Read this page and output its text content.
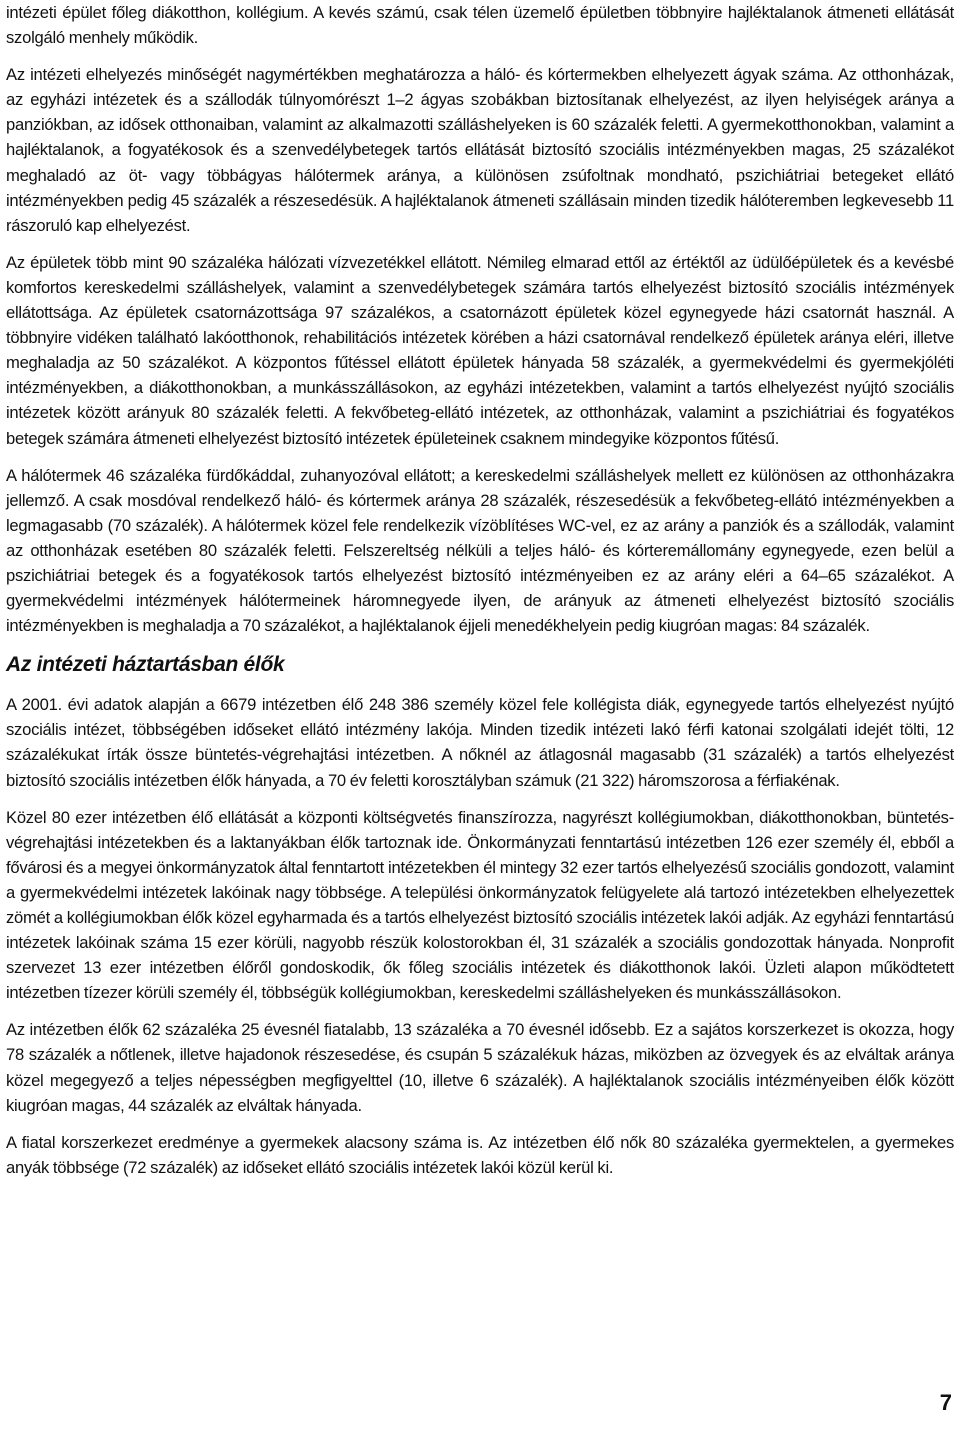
intézeti épület főleg diákotthon, kollégium. A kevés számú, csak télen üzemelő épületben többnyire hajléktalanok átmeneti ellátását szolgáló menhely működik.

Az intézeti elhelyezés minőségét nagymértékben meghatározza a háló- és kórtermekben elhelyezett ágyak száma. Az otthonházak, az egyházi intézetek és a szállodák túlnyomórészt 1–2 ágyas szobákban biztosítanak elhelyezést, az ilyen helyiségek aránya a panziókban, az idősek otthonaiban, valamint az alkalmazotti szálláshelyeken is 60 százalék feletti. A gyermekotthonokban, valamint a hajléktalanok, a fogyatékosok és a szenvedélybetegek tartós ellátását biztosító szociális intézményekben magas, 25 százalékot meghaladó az öt- vagy többágyas hálótermek aránya, a különösen zsúfoltnak mondható, pszichiátriai betegeket ellátó intézményekben pedig 45 százalék a részesedésük. A hajléktalanok átmeneti szállásain minden tizedik hálóteremben legkevesebb 11 rászoruló kap elhelyezést.

Az épületek több mint 90 százaléka hálózati vízvezetékkel ellátott. Némileg elmarad ettől az értéktől az üdülőépületek és a kevésbé komfortos kereskedelmi szálláshelyek, valamint a szenvedélybetegek számára tartós elhelyezést biztosító szociális intézmények ellátottsága. Az épületek csatornázottsága 97 százalékos, a csatornázott épületek közel egynegyede házi csatornát használ. A többnyire vidéken található lakóotthonok, rehabilitációs intézetek körében a házi csatornával rendelkező épületek aránya eléri, illetve meghaladja az 50 százalékot. A központos fűtéssel ellátott épületek hányada 58 százalék, a gyermekvédelmi és gyermekjóléti intézményekben, a diákotthonokban, a munkásszállásokon, az egyházi intézetekben, valamint a tartós elhelyezést nyújtó szociális intézetek között arányuk 80 százalék feletti. A fekvőbeteg-ellátó intézetek, az otthonházak, valamint a pszichiátriai és fogyatékos betegek számára átmeneti elhelyezést biztosító intézetek épületeinek csaknem mindegyike központos fűtésű.

A hálótermek 46 százaléka fürdőkáddal, zuhanyozóval ellátott; a kereskedelmi szálláshelyek mellett ez különösen az otthonházakra jellemző. A csak mosdóval rendelkező háló- és kórtermek aránya 28 százalék, részesedésük a fekvőbeteg-ellátó intézményekben a legmagasabb (70 százalék). A hálótermek közel fele rendelkezik vízöblítéses WC-vel, ez az arány a panziók és a szállodák, valamint az otthonházak esetében 80 százalék feletti. Felszereltség nélküli a teljes háló- és kórteremállomány egynegyede, ezen belül a pszichiátriai betegek és a fogyatékosok tartós elhelyezést biztosító intézményeiben ez az arány eléri a 64–65 százalékot. A gyermekvédelmi intézmények hálótermeinek háromnegyede ilyen, de arányuk az átmeneti elhelyezést biztosító szociális intézményekben is meghaladja a 70 százalékot, a hajléktalanok éjjeli menedékhelyein pedig kiugróan magas: 84 százalék.

Az intézeti háztartásban élők

A 2001. évi adatok alapján a 6679 intézetben élő 248 386 személy közel fele kollégista diák, egynegyede tartós elhelyezést nyújtó szociális intézet, többségében időseket ellátó intézmény lakója. Minden tizedik intézeti lakó férfi katonai szolgálati idejét tölti, 12 százalékukat írták össze büntetés-végrehajtási intézetben. A nőknél az átlagosnál magasabb (31 százalék) a tartós elhelyezést biztosító szociális intézetben élők hányada, a 70 év feletti korosztályban számuk (21 322) háromszorosa a férfiakénak.

Közel 80 ezer intézetben élő ellátását a központi költségvetés finanszírozza, nagyrészt kollégiumokban, diákotthonokban, büntetés-végrehajtási intézetekben és a laktanyákban élők tartoznak ide. Önkormányzati fenntartású intézetben 126 ezer személy él, ebből a fővárosi és a megyei önkormányzatok által fenntartott intézetekben él mintegy 32 ezer tartós elhelyezésű szociális gondozott, valamint a gyermekvédelmi intézetek lakóinak nagy többsége. A települési önkormányzatok felügyelete alá tartozó intézetekben elhelyezettek zömét a kollégiumokban élők közel egyharmada és a tartós elhelyezést biztosító szociális intézetek lakói adják. Az egyházi fenntartású intézetek lakóinak száma 15 ezer körüli, nagyobb részük kolostorokban él, 31 százalék a szociális gondozottak hányada. Nonprofit szervezet 13 ezer intézetben élőről gondoskodik, ők főleg szociális intézetek és diákotthonok lakói. Üzleti alapon működtetett intézetben tízezer körüli személy él, többségük kollégiumokban, kereskedelmi szálláshelyeken és munkásszállásokon.

Az intézetben élők 62 százaléka 25 évesnél fiatalabb, 13 százaléka a 70 évesnél idősebb. Ez a sajátos korszerkezet is okozza, hogy 78 százalék a nőtlenek, illetve hajadonok részesedése, és csupán 5 százalékuk házas, miközben az özvegyek és az elváltak aránya közel megegyező a teljes népességben megfigyelttel (10, illetve 6 százalék). A hajléktalanok szociális intézményeiben élők között kiugróan magas, 44 százalék az elváltak hányada.

A fiatal korszerkezet eredménye a gyermekek alacsony száma is. Az intézetben élő nők 80 százaléka gyermektelen, a gyermekes anyák többsége (72 százalék) az időseket ellátó szociális intézetek lakói közül kerül ki.

7
